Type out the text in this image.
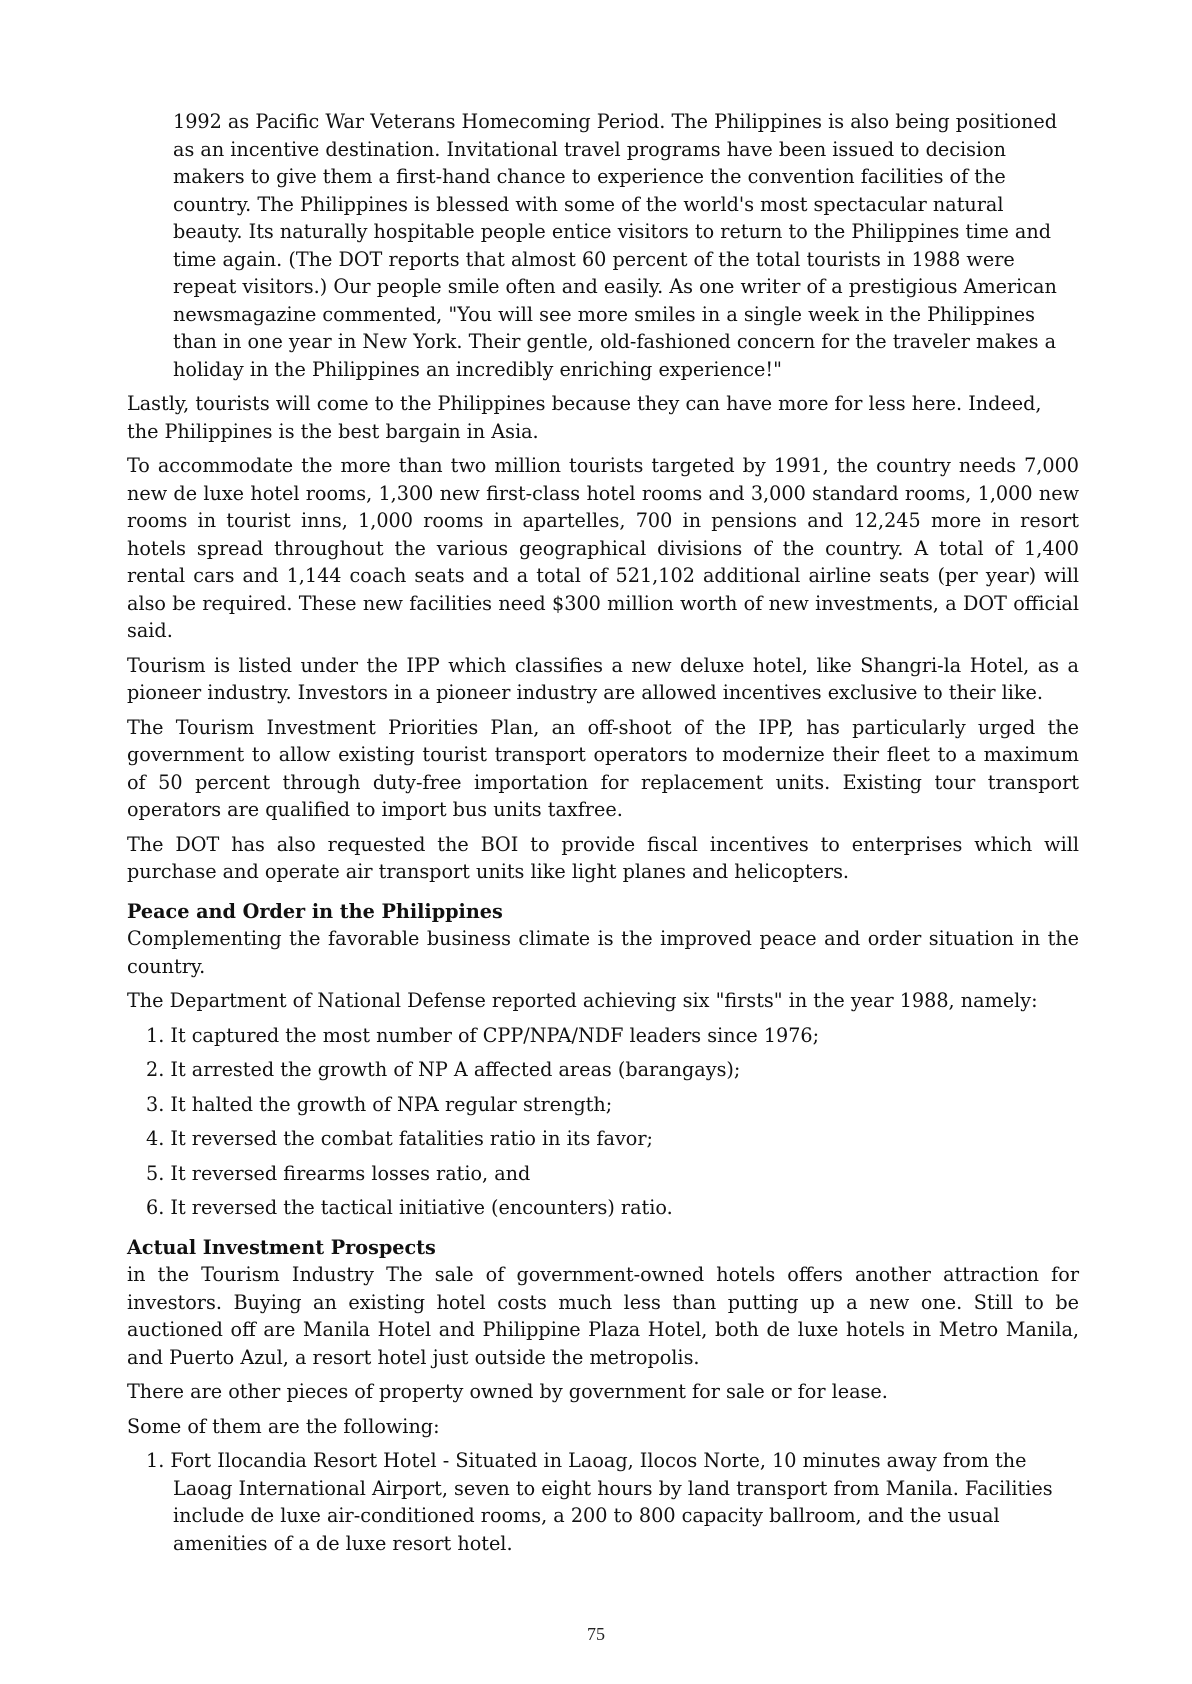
1992 as Pacific War Veterans Homecoming Period. The Philippines is also being positioned as an incentive destination. Invitational travel programs have been issued to decision makers to give them a first-hand chance to experience the convention facilities of the country. The Philippines is blessed with some of the world's most spectacular natural beauty. Its naturally hospitable people entice visitors to return to the Philippines time and time again. (The DOT reports that almost 60 percent of the total tourists in 1988 were repeat visitors.) Our people smile often and easily. As one writer of a prestigious American newsmagazine commented, "You will see more smiles in a single week in the Philippines than in one year in New York. Their gentle, old-fashioned concern for the traveler makes a holiday in the Philippines an incredibly enriching experience!"

Lastly, tourists will come to the Philippines because they can have more for less here. Indeed, the Philippines is the best bargain in Asia.

To accommodate the more than two million tourists targeted by 1991, the country needs 7,000 new de luxe hotel rooms, 1,300 new first-class hotel rooms and 3,000 standard rooms, 1,000 new rooms in tourist inns, 1,000 rooms in apartelles, 700 in pensions and 12,245 more in resort hotels spread throughout the various geographical divisions of the country. A total of 1,400 rental cars and 1,144 coach seats and a total of 521,102 additional airline seats (per year) will also be required. These new facilities need $300 million worth of new investments, a DOT official said.

Tourism is listed under the IPP which classifies a new deluxe hotel, like Shangri-la Hotel, as a pioneer industry. Investors in a pioneer industry are allowed incentives exclusive to their like.

The Tourism Investment Priorities Plan, an off-shoot of the IPP, has particularly urged the government to allow existing tourist transport operators to modernize their fleet to a maximum of 50 percent through duty-free importation for replacement units. Existing tour transport operators are qualified to import bus units taxfree.

The DOT has also requested the BOI to provide fiscal incentives to enterprises which will purchase and operate air transport units like light planes and helicopters.

Peace and Order in the Philippines

Complementing the favorable business climate is the improved peace and order situation in the country.

The Department of National Defense reported achieving six "firsts" in the year 1988, namely:

1. It captured the most number of CPP/NPA/NDF leaders since 1976;
2. It arrested the growth of NP A affected areas (barangays);
3. It halted the growth of NPA regular strength;
4. It reversed the combat fatalities ratio in its favor;
5. It reversed firearms losses ratio, and
6. It reversed the tactical initiative (encounters) ratio.
Actual Investment Prospects

in the Tourism Industry The sale of government-owned hotels offers another attraction for investors. Buying an existing hotel costs much less than putting up a new one. Still to be auctioned off are Manila Hotel and Philippine Plaza Hotel, both de luxe hotels in Metro Manila, and Puerto Azul, a resort hotel just outside the metropolis.

There are other pieces of property owned by government for sale or for lease.

Some of them are the following:

1. Fort Ilocandia Resort Hotel - Situated in Laoag, Ilocos Norte, 10 minutes away from the Laoag International Airport, seven to eight hours by land transport from Manila. Facilities include de luxe air-conditioned rooms, a 200 to 800 capacity ballroom, and the usual amenities of a de luxe resort hotel.
75
